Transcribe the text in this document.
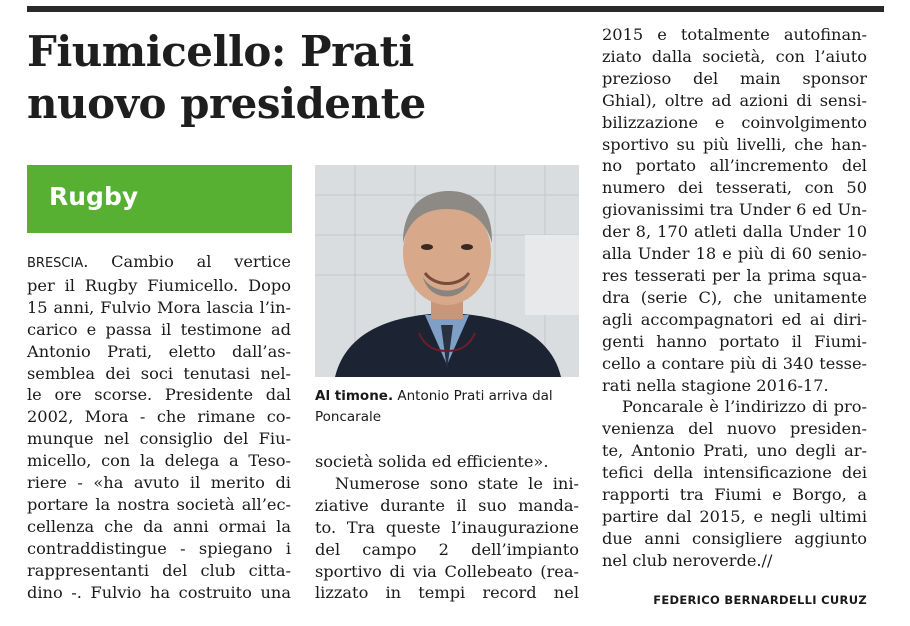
Fiumicello: Prati
nuovo presidente
Rugby
BRESCIA. Cambio al vertice
per il Rugby Fiumicello. Dopo
15 anni, Fulvio Mora lascia l’in-
carico e passa il testimone ad
Antonio Prati, eletto dall’as-
semblea dei soci tenutasi nel-
le ore scorse. Presidente dal
2002, Mora - che rimane co-
munque nel consiglio del Fiu-
micello, con la delega a Teso-
riere - «ha avuto il merito di
portare la nostra società all’ec-
cellenza che da anni ormai la
contraddistingue - spiegano i
rappresentanti del club citta-
dino -. Fulvio ha costruito una
Al timone. Antonio Prati arriva dal
Poncarale
società solida ed efficiente».
Numerose sono state le ini-
ziative durante il suo manda-
to. Tra queste l’inaugurazione
del campo 2 dell’impianto
sportivo di via Collebeato (rea-
lizzato in tempi record nel
2015 e totalmente autofinan-
ziato dalla società, con l’aiuto
prezioso del main sponsor
Ghial), oltre ad azioni di sensi-
bilizzazione e coinvolgimento
sportivo su più livelli, che han-
no portato all’incremento del
numero dei tesserati, con 50
giovanissimi tra Under 6 ed Un-
der 8, 170 atleti dalla Under 10
alla Under 18 e più di 60 senio-
res tesserati per la prima squa-
dra (serie C), che unitamente
agli accompagnatori ed ai diri-
genti hanno portato il Fiumi-
cello a contare più di 340 tesse-
rati nella stagione 2016-17.
Poncarale è l’indirizzo di pro-
venienza del nuovo presiden-
te, Antonio Prati, uno degli ar-
tefici della intensificazione dei
rapporti tra Fiumi e Borgo, a
partire dal 2015, e negli ultimi
due anni consigliere aggiunto
nel club neroverde.//
FEDERICO BERNARDELLI CURUZ
